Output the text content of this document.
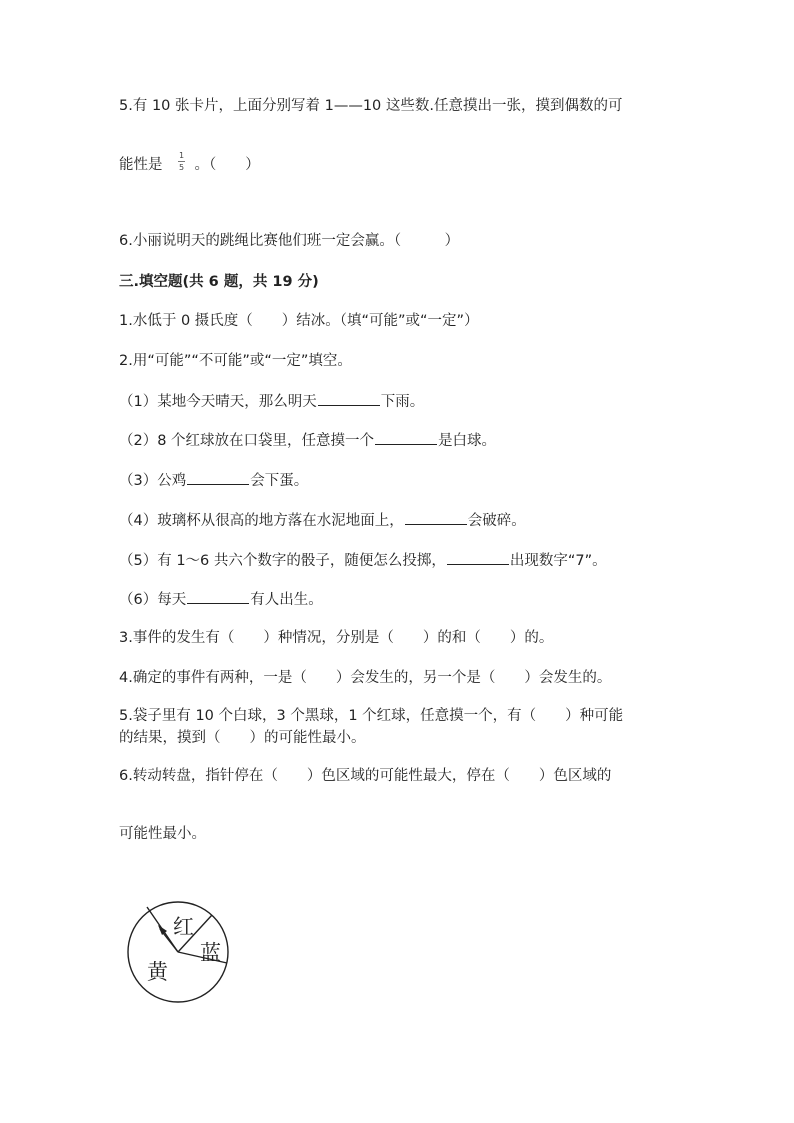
5.有 10 张卡片，上面分别写着 1——10 这些数.任意摸出一张，摸到偶数的可
能性是 $\frac{1}{5}$ 。（　　）
6.小丽说明天的跳绳比赛他们班一定会赢。（　　　）
三.填空题(共 6 题，共 19 分)
1.水低于 0 摄氏度（　　）结冰。（填“可能”或“一定”）
2.用“可能”“不可能”或“一定”填空。
（1）某地今天晴天，那么明天	下雨。
（2）8 个红球放在口袋里，任意摸一个	是白球。
（3）公鸡	会下蛋。
（4）玻璃杯从很高的地方落在水泥地面上，	会破碎。
（5）有 1～6 共六个数字的骰子，随便怎么投掷，	出现数字“7”。
（6）每天	有人出生。
3.事件的发生有（　　）种情况，分别是（　　）的和（　　）的。
4.确定的事件有两种，一是（　　）会发生的，另一个是（　　）会发生的。
5.袋子里有 10 个白球，3 个黑球，1 个红球，任意摸一个，有（　　）种可能
的结果，摸到（　　）的可能性最小。
6.转动转盘，指针停在（　　）色区域的可能性最大，停在（　　）色区域的
可能性最小。
红
蓝
黄
